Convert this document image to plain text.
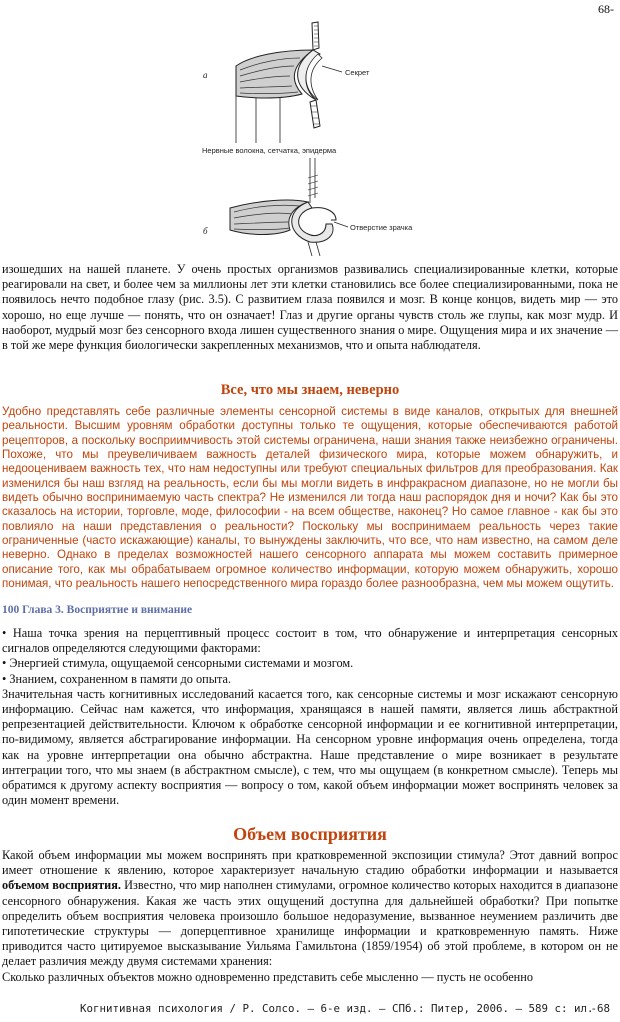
68-
а	Секрет
Нервные волокна, сетчатка, эпидерма
б	Отверстие зрачка

изошедших на нашей планете. У очень простых организмов развивались специализированные клетки, которые реагировали на свет, и более чем за миллионы лет эти клетки становились все более специализированными, пока не появилось нечто подобное глазу (рис. 3.5). С развитием глаза появился и мозг. В конце концов, видеть мир — это хорошо, но еще лучше — понять, что он означает! Глаз и другие органы чувств столь же глупы, как мозг мудр. И наоборот, мудрый мозг без сенсорного входа лишен существенного знания о мире. Ощущения мира и их значение — в той же мере функция биологически закрепленных механизмов, что и опыта наблюдателя.

Все, что мы знаем, неверно

Удобно представлять себе различные элементы сенсорной системы в виде каналов, открытых для внешней реальности. Высшим уровням обработки доступны только те ощущения, которые обеспечиваются работой рецепторов, а поскольку восприимчивость этой системы ограничена, наши знания также неизбежно ограничены. Похоже, что мы преувеличиваем важность деталей физического мира, которые можем обнаружить, и недооцениваем важность тех, что нам недоступны или требуют специальных фильтров для преобразования. Как изменился бы наш взгляд на реальность, если бы мы могли видеть в инфракрасном диапазоне, но не могли бы видеть обычно воспринимаемую часть спектра? Не изменился ли тогда наш распорядок дня и ночи? Как бы это сказалось на истории, торговле, моде, философии - на всем обществе, наконец? Но самое главное - как бы это повлияло на наши представления о реальности? Поскольку мы воспринимаем реальность через такие ограниченные (часто искажающие) каналы, то вынуждены заключить, что все, что нам известно, на самом деле неверно. Однако в пределах возможностей нашего сенсорного аппарата мы можем составить примерное описание того, как мы обрабатываем огромное количество информации, которую можем обнаружить, хорошо понимая, что реальность нашего непосредственного мира гораздо более разнообразна, чем мы можем ощутить.

100 Глава 3. Восприятие и внимание

• Наша точка зрения на перцептивный процесс состоит в том, что обнаружение и интерпретация сенсорных сигналов определяются следующими факторами:

• Энергией стимула, ощущаемой сенсорными системами и мозгом.

• Знанием, сохраненном в памяти до опыта.

Значительная часть когнитивных исследований касается того, как сенсорные системы и мозг искажают сенсорную информацию. Сейчас нам кажется, что информация, хранящаяся в нашей памяти, является лишь абстрактной репрезентацией действительности. Ключом к обработке сенсорной информации и ее когнитивной интерпретации, по-видимому, является абстрагирование информации. На сенсорном уровне информация очень определена, тогда как на уровне интерпретации она обычно абстрактна. Наше представление о мире возникает в результате интеграции того, что мы знаем (в абстрактном смысле), с тем, что мы ощущаем (в конкретном смысле). Теперь мы обратимся к другому аспекту восприятия — вопросу о том, какой объем информации может воспринять человек за один момент времени.

Объем восприятия

Какой объем информации мы можем воспринять при кратковременной экспозиции стимула? Этот давний вопрос имеет отношение к явлению, которое характеризует начальную стадию обработки информации и называется объемом восприятия. Известно, что мир наполнен стимулами, огромное количество которых находится в диапазоне сенсорного обнаружения. Какая же часть этих ощущений доступна для дальнейшей обработки? При попытке определить объем восприятия человека произошло большое недоразумение, вызванное неумением различить две гипотетические структуры — доперцептивное хранилище информации и кратковременную память. Ниже приводится часто цитируемое высказывание Уильяма Гамильтона (1859/1954) об этой проблеме, в котором он не делает различия между двумя системами хранения:

Сколько различных объектов можно одновременно представить себе мысленно — пусть не особенно

Когнитивная психология / Р. Солсо. — 6-е изд. — СПб.: Питер, 2006. — 589 с: ил.
-68
